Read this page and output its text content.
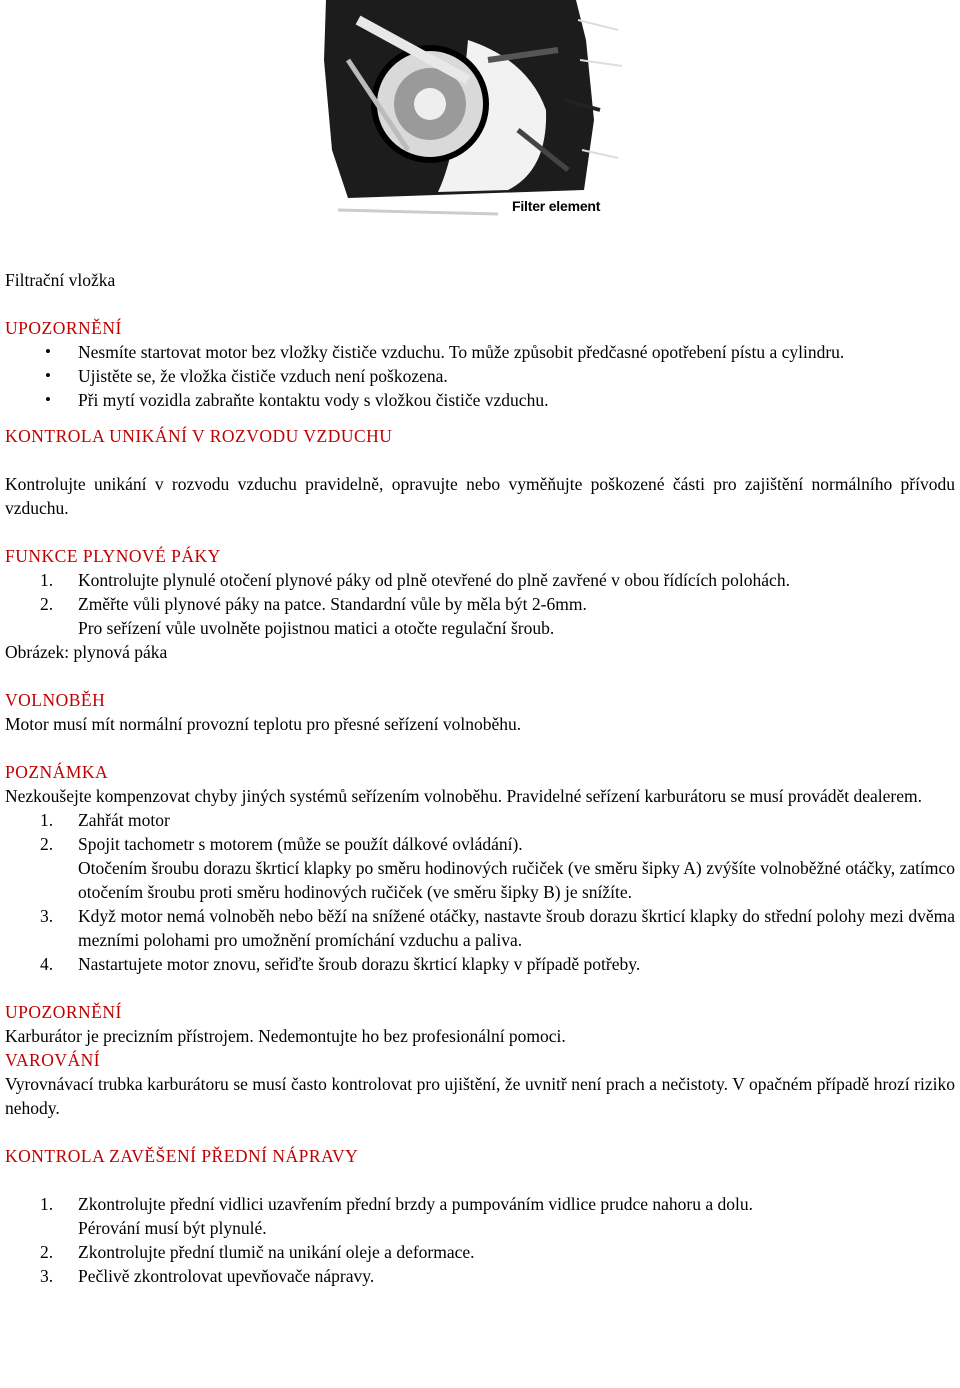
Filter element

Filtrační vložka

UPOZORNĚNÍ

• Nesmíte startovat motor bez vložky čističe vzduchu. To může způsobit předčasné opotřebení pístu a cylindru.
• Ujistěte se, že vložka čističe vzduch není poškozena.
• Při mytí vozidla zabraňte kontaktu vody s vložkou čističe vzduchu.

KONTROLA UNIKÁNÍ V ROZVODU VZDUCHU

Kontrolujte unikání v rozvodu vzduchu pravidelně, opravujte nebo vyměňujte poškozené části pro zajištění normálního přívodu vzduchu.

FUNKCE PLYNOVÉ PÁKY

1. Kontrolujte plynulé otočení plynové páky od plně otevřené do plně zavřené v obou řídících polohách.
2. Změřte vůli plynové páky na patce. Standardní vůle by měla být 2-6mm.

Pro seřízení vůle uvolněte pojistnou matici a otočte regulační šroub.

Obrázek: plynová páka

VOLNOBĚH

Motor musí mít normální provozní teplotu pro přesné seřízení volnoběhu.

POZNÁMKA

Nezkoušejte kompenzovat chyby jiných systémů seřízením volnoběhu. Pravidelné seřízení karburátoru se musí provádět dealerem.

1. Zahřát motor
2. Spojit tachometr s motorem (může se použít dálkové ovládání).

Otočením šroubu dorazu škrticí klapky po směru hodinových ručiček (ve směru šipky A) zvýšíte volnoběžné otáčky, zatímco otočením šroubu proti směru hodinových ručiček (ve směru šipky B) je snížíte.

3. Když motor nemá volnoběh nebo běží na snížené otáčky, nastavte šroub dorazu škrticí klapky do střední polohy mezi dvěma mezními polohami pro umožnění promíchání vzduchu a paliva.
4. Nastartujete motor znovu, seřiďte šroub dorazu škrticí klapky v případě potřeby.

UPOZORNĚNÍ

Karburátor je precizním přístrojem. Nedemontujte ho bez profesionální pomoci.

VAROVÁNÍ

Vyrovnávací trubka karburátoru se musí často kontrolovat pro ujištění, že uvnitř není prach a nečistoty. V opačném případě hrozí riziko nehody.

KONTROLA ZAVĚŠENÍ PŘEDNÍ NÁPRAVY

1. Zkontrolujte přední vidlici uzavřením přední brzdy a pumpováním vidlice prudce nahoru a dolu.

Pérování musí být plynulé.

2. Zkontrolujte přední tlumič na unikání oleje a deformace.
3. Pečlivě zkontrolovat upevňovače nápravy.
